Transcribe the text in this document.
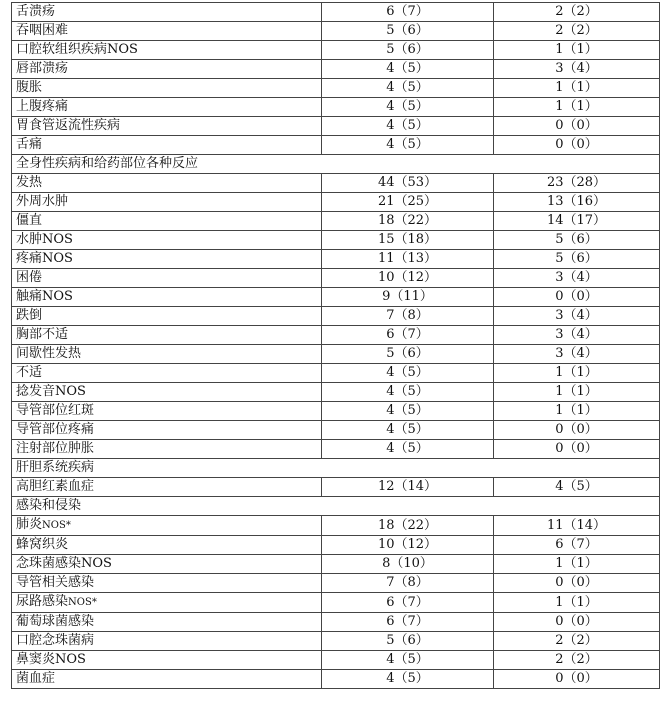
舌溃疡	6（7）	2（2）
吞咽困难	5（6）	2（2）
口腔软组织疾病NOS	5（6）	1（1）
唇部溃疡	4（5）	3（4）
腹胀	4（5）	1（1）
上腹疼痛	4（5）	1（1）
胃食管返流性疾病	4（5）	0（0）
舌痛	4（5）	0（0）
全身性疾病和给药部位各种反应		
发热	44（53）	23（28）
外周水肿	21（25）	13（16）
僵直	18（22）	14（17）
水肿NOS	15（18）	5（6）
疼痛NOS	11（13）	5（6）
困倦	10（12）	3（4）
触痛NOS	9（11）	0（0）
跌倒	7（8）	3（4）
胸部不适	6（7）	3（4）
间歇性发热	5（6）	3（4）
不适	4（5）	1（1）
捻发音NOS	4（5）	1（1）
导管部位红斑	4（5）	1（1）
导管部位疼痛	4（5）	0（0）
注射部位肿胀	4（5）	0（0）
肝胆系统疾病		
高胆红素血症	12（14）	4（5）
感染和侵染		
肺炎NOS*	18（22）	11（14）
蜂窝织炎	10（12）	6（7）
念珠菌感染NOS	8（10）	1（1）
导管相关感染	7（8）	0（0）
尿路感染NOS*	6（7）	1（1）
葡萄球菌感染	6（7）	0（0）
口腔念珠菌病	5（6）	2（2）
鼻窦炎NOS	4（5）	2（2）
菌血症	4（5）	0（0）
